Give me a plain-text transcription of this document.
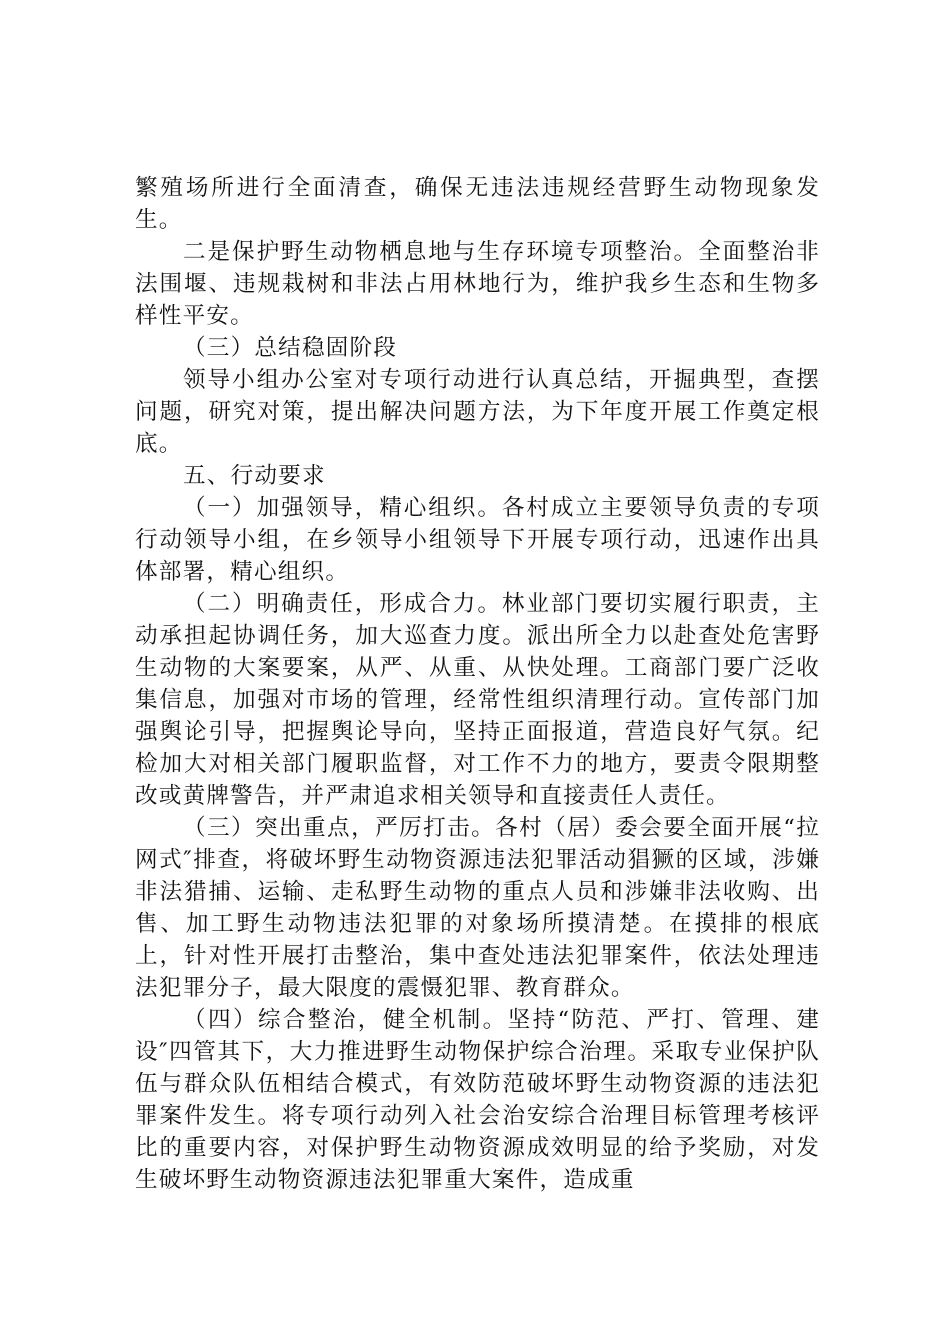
繁殖场所进行全面清查，确保无违法违规经营野生动物现象发生。

二是保护野生动物栖息地与生存环境专项整治。全面整治非法围堰、违规栽树和非法占用林地行为，维护我乡生态和生物多样性平安。

（三）总结稳固阶段

领导小组办公室对专项行动进行认真总结，开掘典型，查摆问题，研究对策，提出解决问题方法，为下年度开展工作奠定根底。

五、行动要求

（一）加强领导，精心组织。各村成立主要领导负责的专项行动领导小组，在乡领导小组领导下开展专项行动，迅速作出具体部署，精心组织。

（二）明确责任，形成合力。林业部门要切实履行职责，主动承担起协调任务，加大巡查力度。派出所全力以赴查处危害野生动物的大案要案，从严、从重、从快处理。工商部门要广泛收集信息，加强对市场的管理，经常性组织清理行动。宣传部门加强舆论引导，把握舆论导向，坚持正面报道，营造良好气氛。纪检加大对相关部门履职监督，对工作不力的地方，要责令限期整改或黄牌警告，并严肃追求相关领导和直接责任人责任。

（三）突出重点，严厉打击。各村（居）委会要全面开展“拉网式″排查，将破坏野生动物资源违法犯罪活动猖獗的区域，涉嫌非法猎捕、运输、走私野生动物的重点人员和涉嫌非法收购、出售、加工野生动物违法犯罪的对象场所摸清楚。在摸排的根底上，针对性开展打击整治，集中查处违法犯罪案件，依法处理违法犯罪分子，最大限度的震慑犯罪、教育群众。

（四）综合整治，健全机制。坚持“防范、严打、管理、建设″四管其下，大力推进野生动物保护综合治理。采取专业保护队伍与群众队伍相结合模式，有效防范破坏野生动物资源的违法犯罪案件发生。将专项行动列入社会治安综合治理目标管理考核评比的重要内容，对保护野生动物资源成效明显的给予奖励，对发生破坏野生动物资源违法犯罪重大案件，造成重
